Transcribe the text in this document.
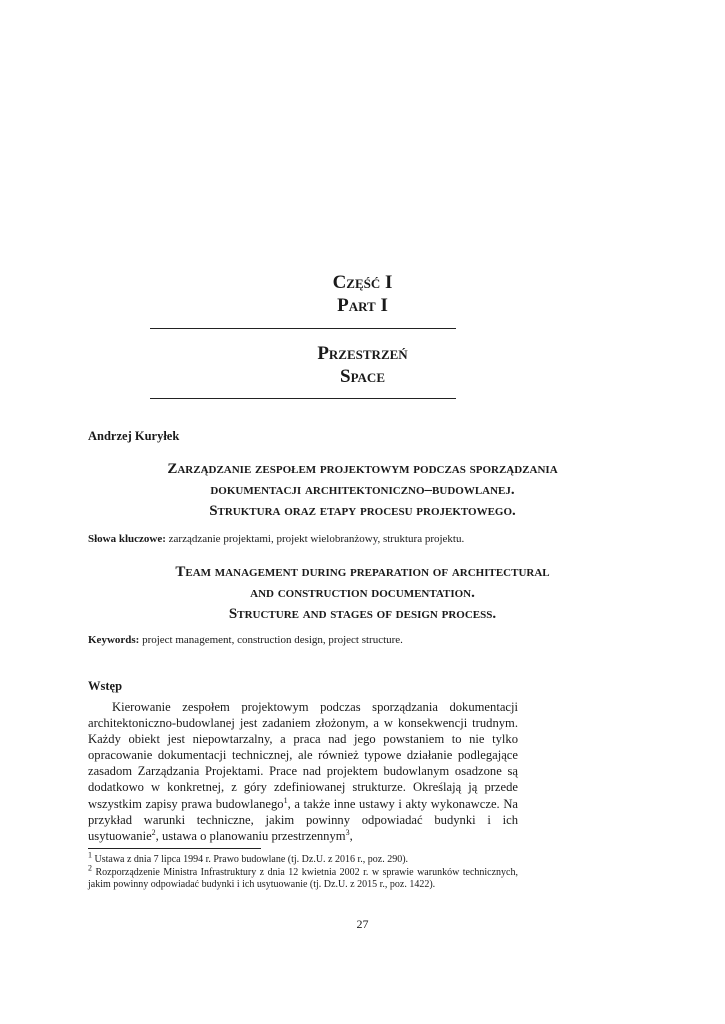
Część I
Part I
Przestrzeń
Space
Andrzej Kuryłek
Zarządzanie zespołem projektowym podczas sporządzania
dokumentacji architektoniczno–budowlanej.
Struktura oraz etapy procesu projektowego.
Słowa kluczowe: zarządzanie projektami, projekt wielobranżowy, struktura projektu.
Team management during preparation of architectural
and construction documentation.
Structure and stages of design process.
Keywords: project management, construction design, project structure.
Wstęp
Kierowanie zespołem projektowym podczas sporządzania dokumentacji architektoniczno-budowlanej jest zadaniem złożonym, a w konsekwencji trudnym. Każdy obiekt jest niepowtarzalny, a praca nad jego powstaniem to nie tylko opracowanie dokumentacji technicznej, ale również typowe działanie podlegające zasadom Zarządzania Projektami. Prace nad projektem budowlanym osadzone są dodatkowo w konkretnej, z góry zdefiniowanej strukturze. Określają ją przede wszystkim zapisy prawa budowlanego$^1$, a także inne ustawy i akty wykonawcze. Na przykład warunki techniczne, jakim powinny odpowiadać budynki i ich usytuowanie$^2$, ustawa o planowaniu przestrzennym$^3$,
$^1$ Ustawa z dnia 7 lipca 1994 r. Prawo budowlane (tj. Dz.U. z 2016 r., poz. 290).
$^2$ Rozporządzenie Ministra Infrastruktury z dnia 12 kwietnia 2002 r. w sprawie warunków technicznych, jakim powinny odpowiadać budynki i ich usytuowanie (tj. Dz.U. z 2015 r., poz. 1422).
27
